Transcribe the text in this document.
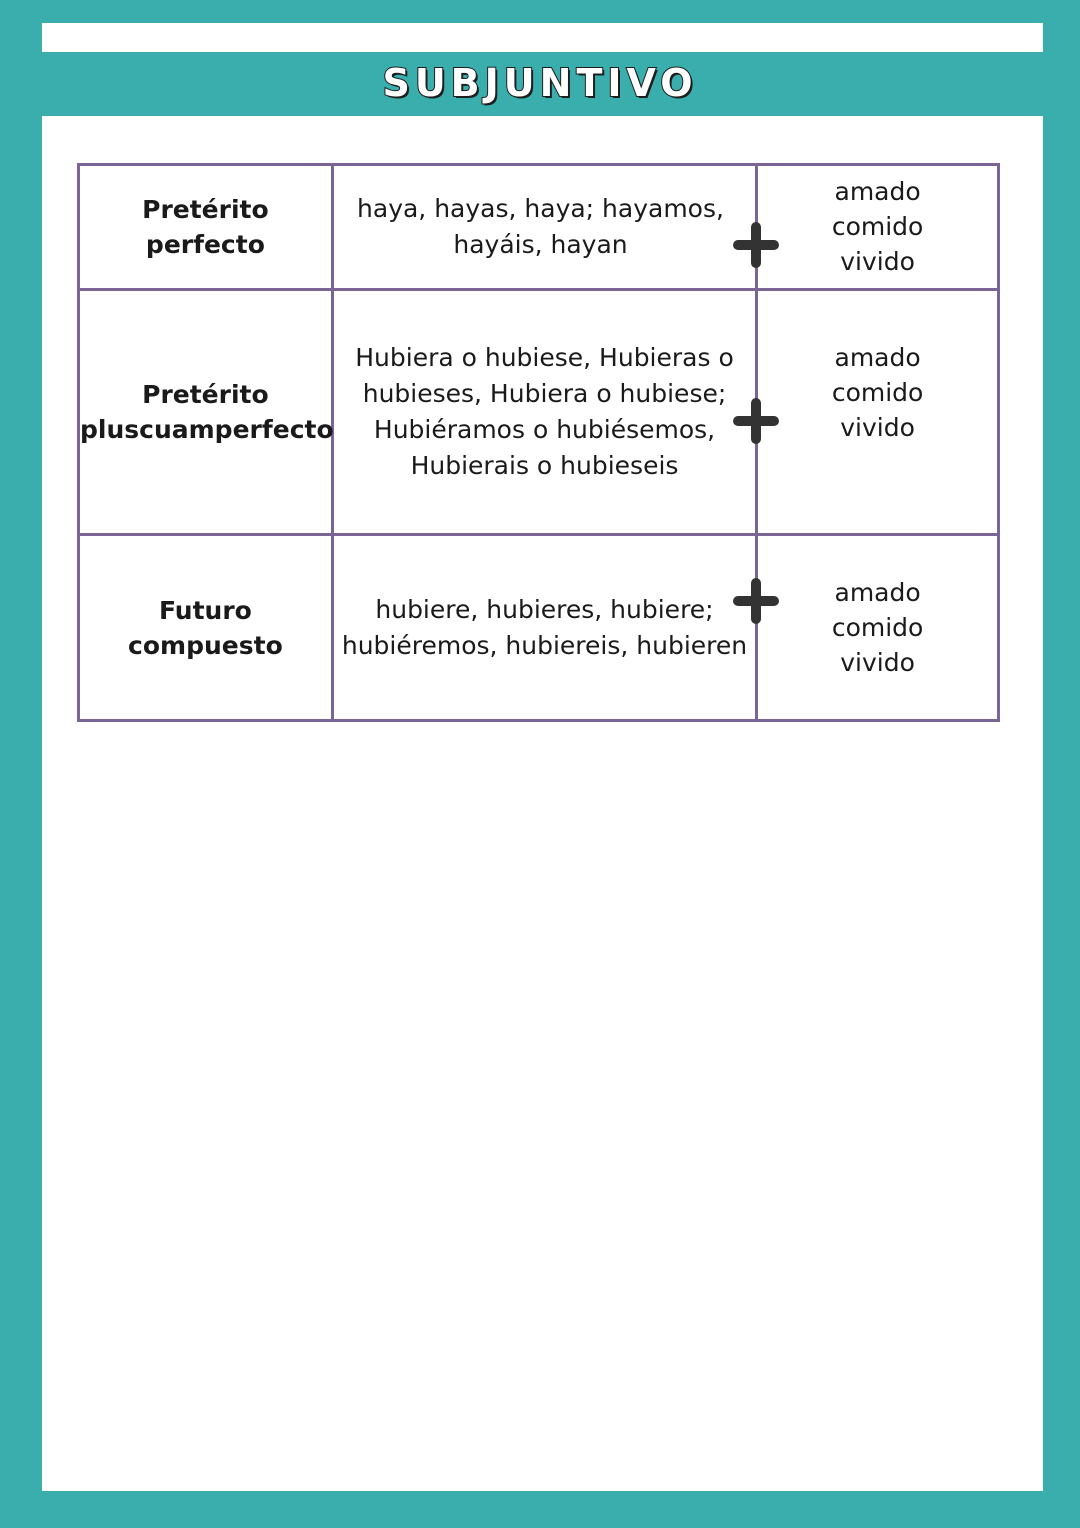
SUBJUNTIVO
Pretérito perfecto	haya, hayas, haya; hayamos, hayáis, hayan	amado
comido
vivido

Pretérito pluscuamperfecto	Hubiera o hubiese, Hubieras o hubieses, Hubiera o hubiese; Hubiéramos o hubiésemos, Hubierais o hubieseis	amado
comido
vivido

Futuro compuesto	hubiere, hubieres, hubiere; hubiéremos, hubiereis, hubieren	amado
comido
vivido
